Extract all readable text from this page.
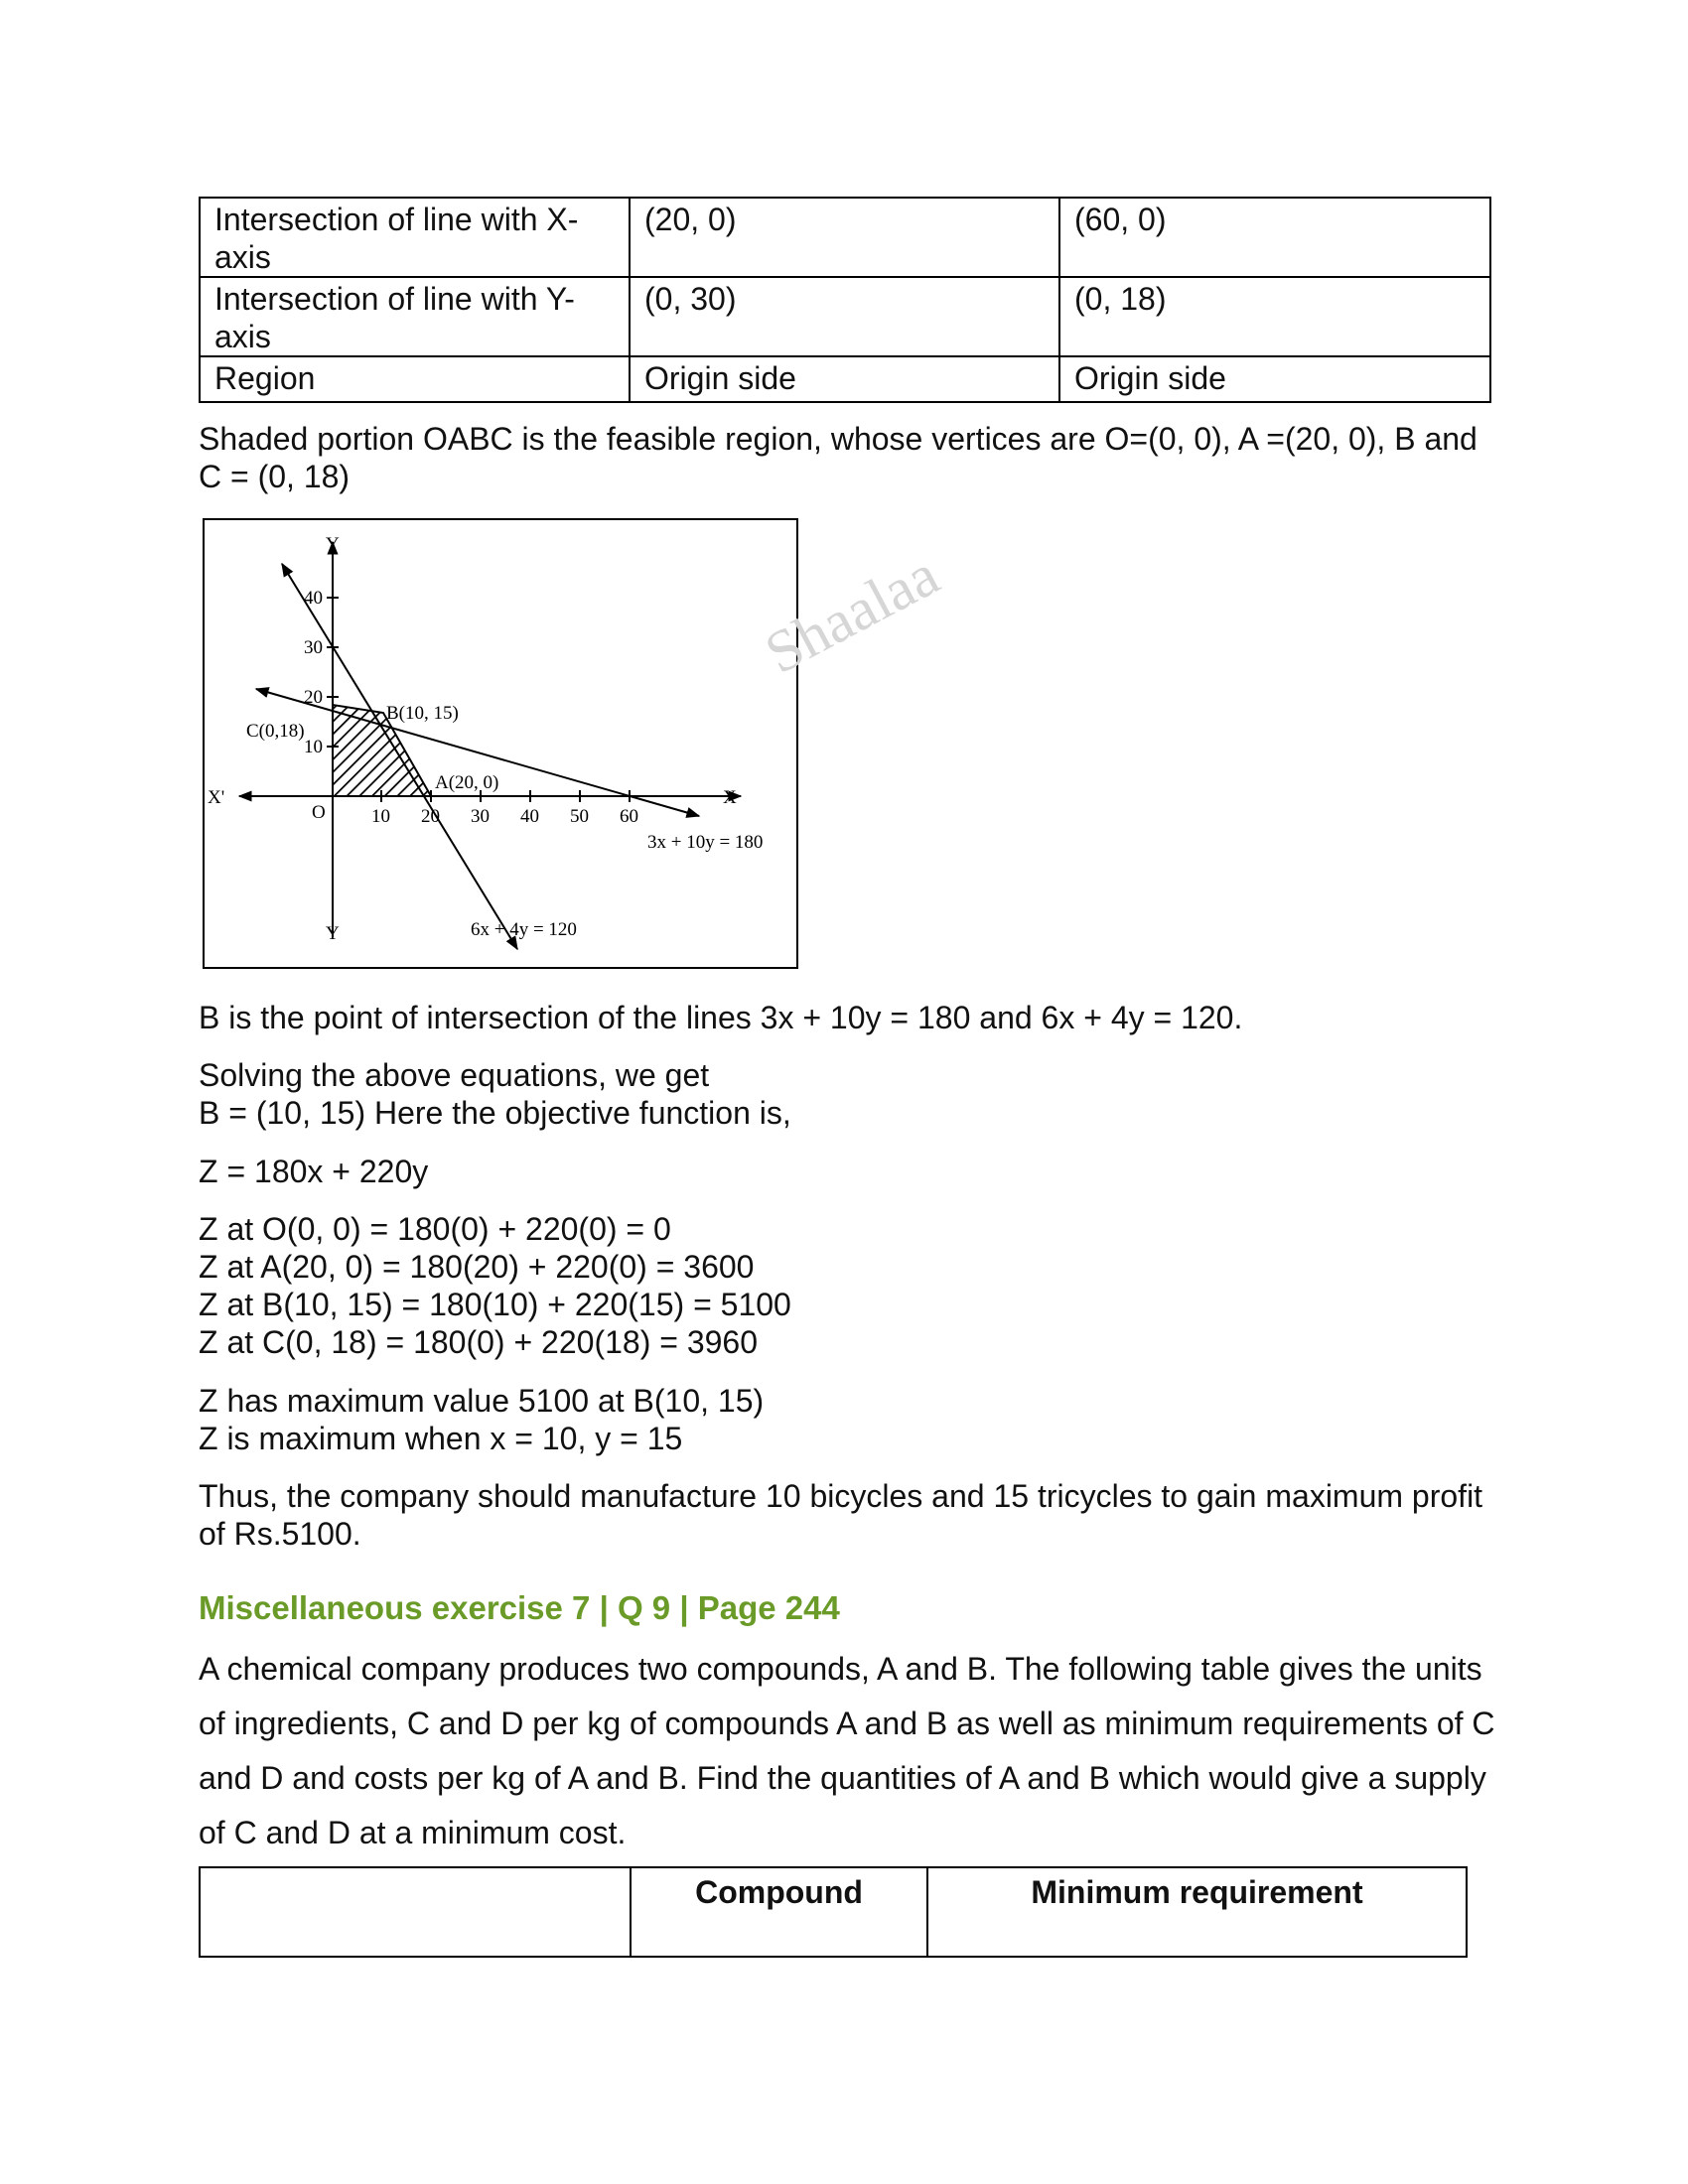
Intersection of line with X-axis	(20, 0)	(60, 0)
Intersection of line with Y-axis	(0, 30)	(0, 18)
Region	Origin side	Origin side

Shaded portion OABC is the feasible region, whose vertices are O=(0, 0), A =(20, 0), B and C = (0, 18)

Shaalaa
Y
Y
X
X'
O 10 20 30 40 50 60
10
20
30
40
B(10, 15)
A(20, 0)
C(0,18)
3x + 10y = 180
6x + 4y = 120

B is the point of intersection of the lines 3x + 10y = 180 and 6x + 4y = 120.

Solving the above equations, we get

B = (10, 15) Here the objective function is,

Z = 180x + 220y

Z at O(0, 0) = 180(0) + 220(0) = 0

Z at A(20, 0) = 180(20) + 220(0) = 3600

Z at B(10, 15) = 180(10) + 220(15) = 5100

Z at C(0, 18) = 180(0) + 220(18) = 3960

Z has maximum value 5100 at B(10, 15)

Z is maximum when x = 10, y = 15

Thus, the company should manufacture 10 bicycles and 15 tricycles to gain maximum profit of Rs.5100.

Miscellaneous exercise 7 | Q 9 | Page 244

A chemical company produces two compounds, A and B. The following table gives the units of ingredients, C and D per kg of compounds A and B as well as minimum requirements of C and D and costs per kg of A and B. Find the quantities of A and B which would give a supply of C and D at a minimum cost.

	Compound	Minimum requirement
